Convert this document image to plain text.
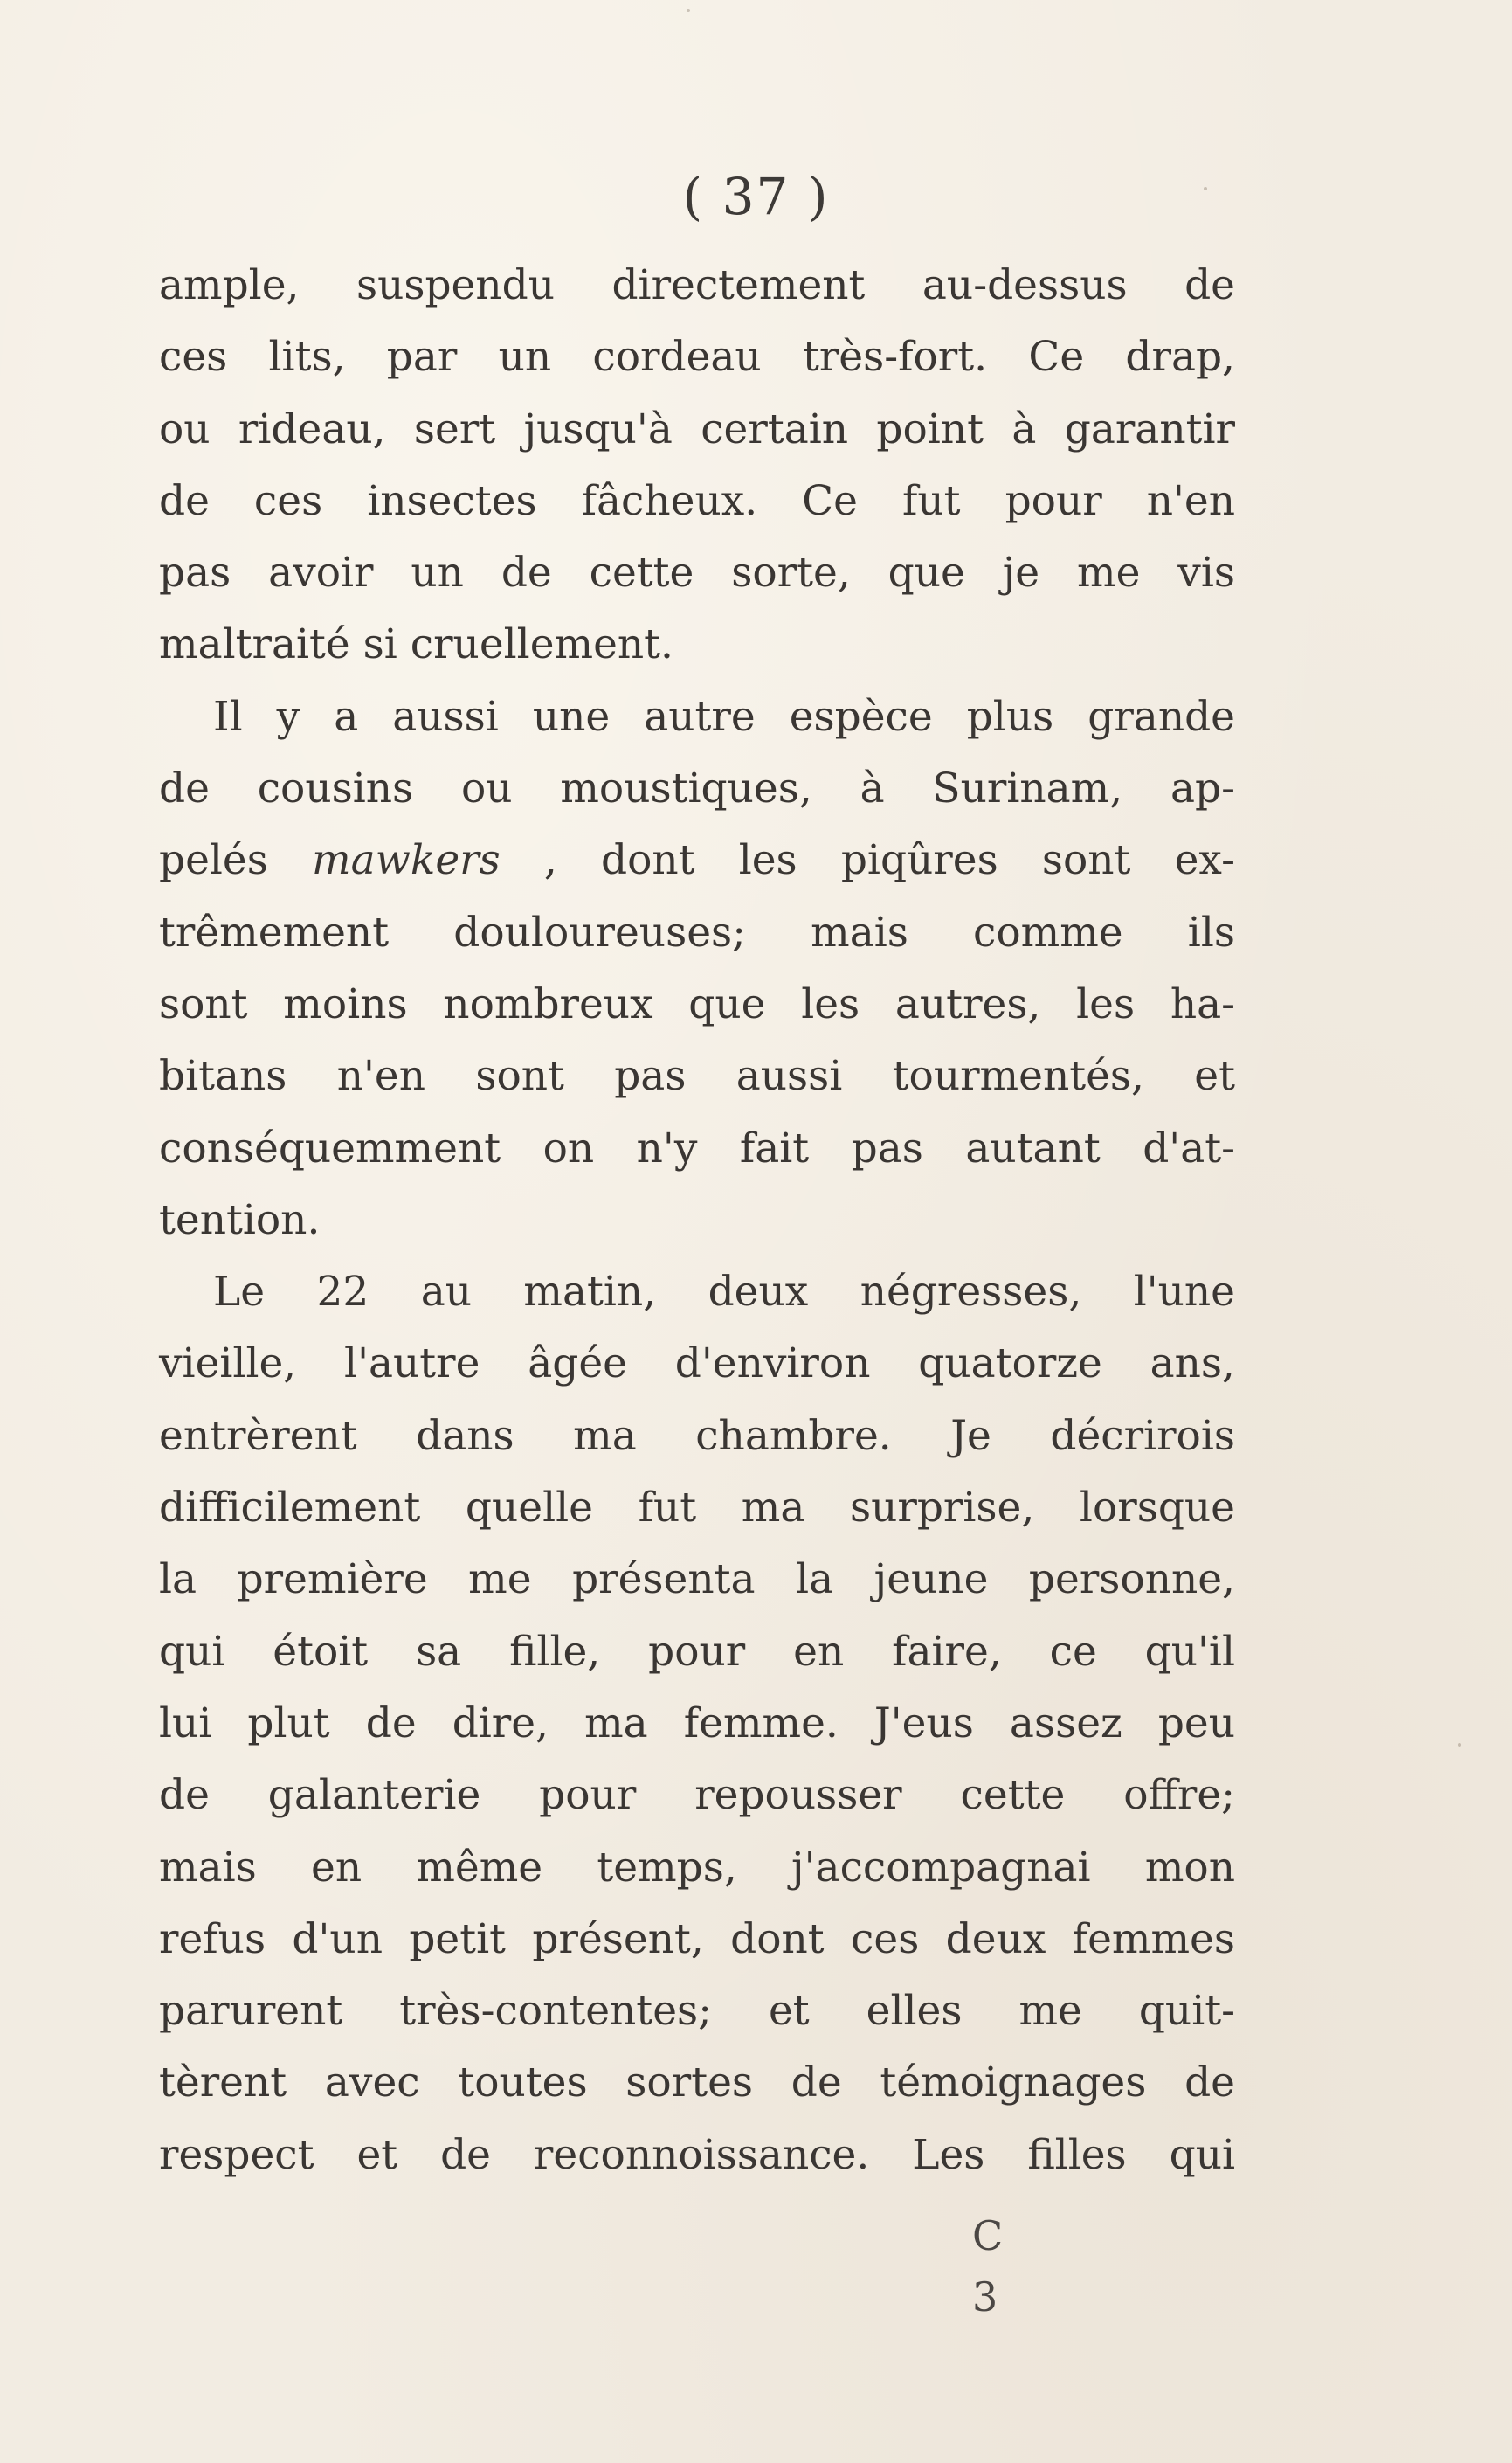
( 37 )
ample, suspendu directement au-dessus de
ces lits, par un cordeau très-fort. Ce drap,
ou rideau, sert jusqu'à certain point à garantir
de ces insectes fâcheux. Ce fut pour n'en
pas avoir un de cette sorte, que je me vis
maltraité si cruellement.
Il y a aussi une autre espèce plus grande
de cousins ou moustiques, à Surinam, ap-
pelés mawkers , dont les piqûres sont ex-
trêmement douloureuses; mais comme ils
sont moins nombreux que les autres, les ha-
bitans n'en sont pas aussi tourmentés, et
conséquemment on n'y fait pas autant d'at-
tention.
Le 22 au matin, deux négresses, l'une
vieille, l'autre âgée d'environ quatorze ans,
entrèrent dans ma chambre. Je décrirois
difficilement quelle fut ma surprise, lorsque
la première me présenta la jeune personne,
qui étoit sa fille, pour en faire, ce qu'il
lui plut de dire, ma femme. J'eus assez peu
de galanterie pour repousser cette offre;
mais en même temps, j'accompagnai mon
refus d'un petit présent, dont ces deux femmes
parurent très-contentes; et elles me quit-
tèrent avec toutes sortes de témoignages de
respect et de reconnoissance. Les filles qui
C 3
